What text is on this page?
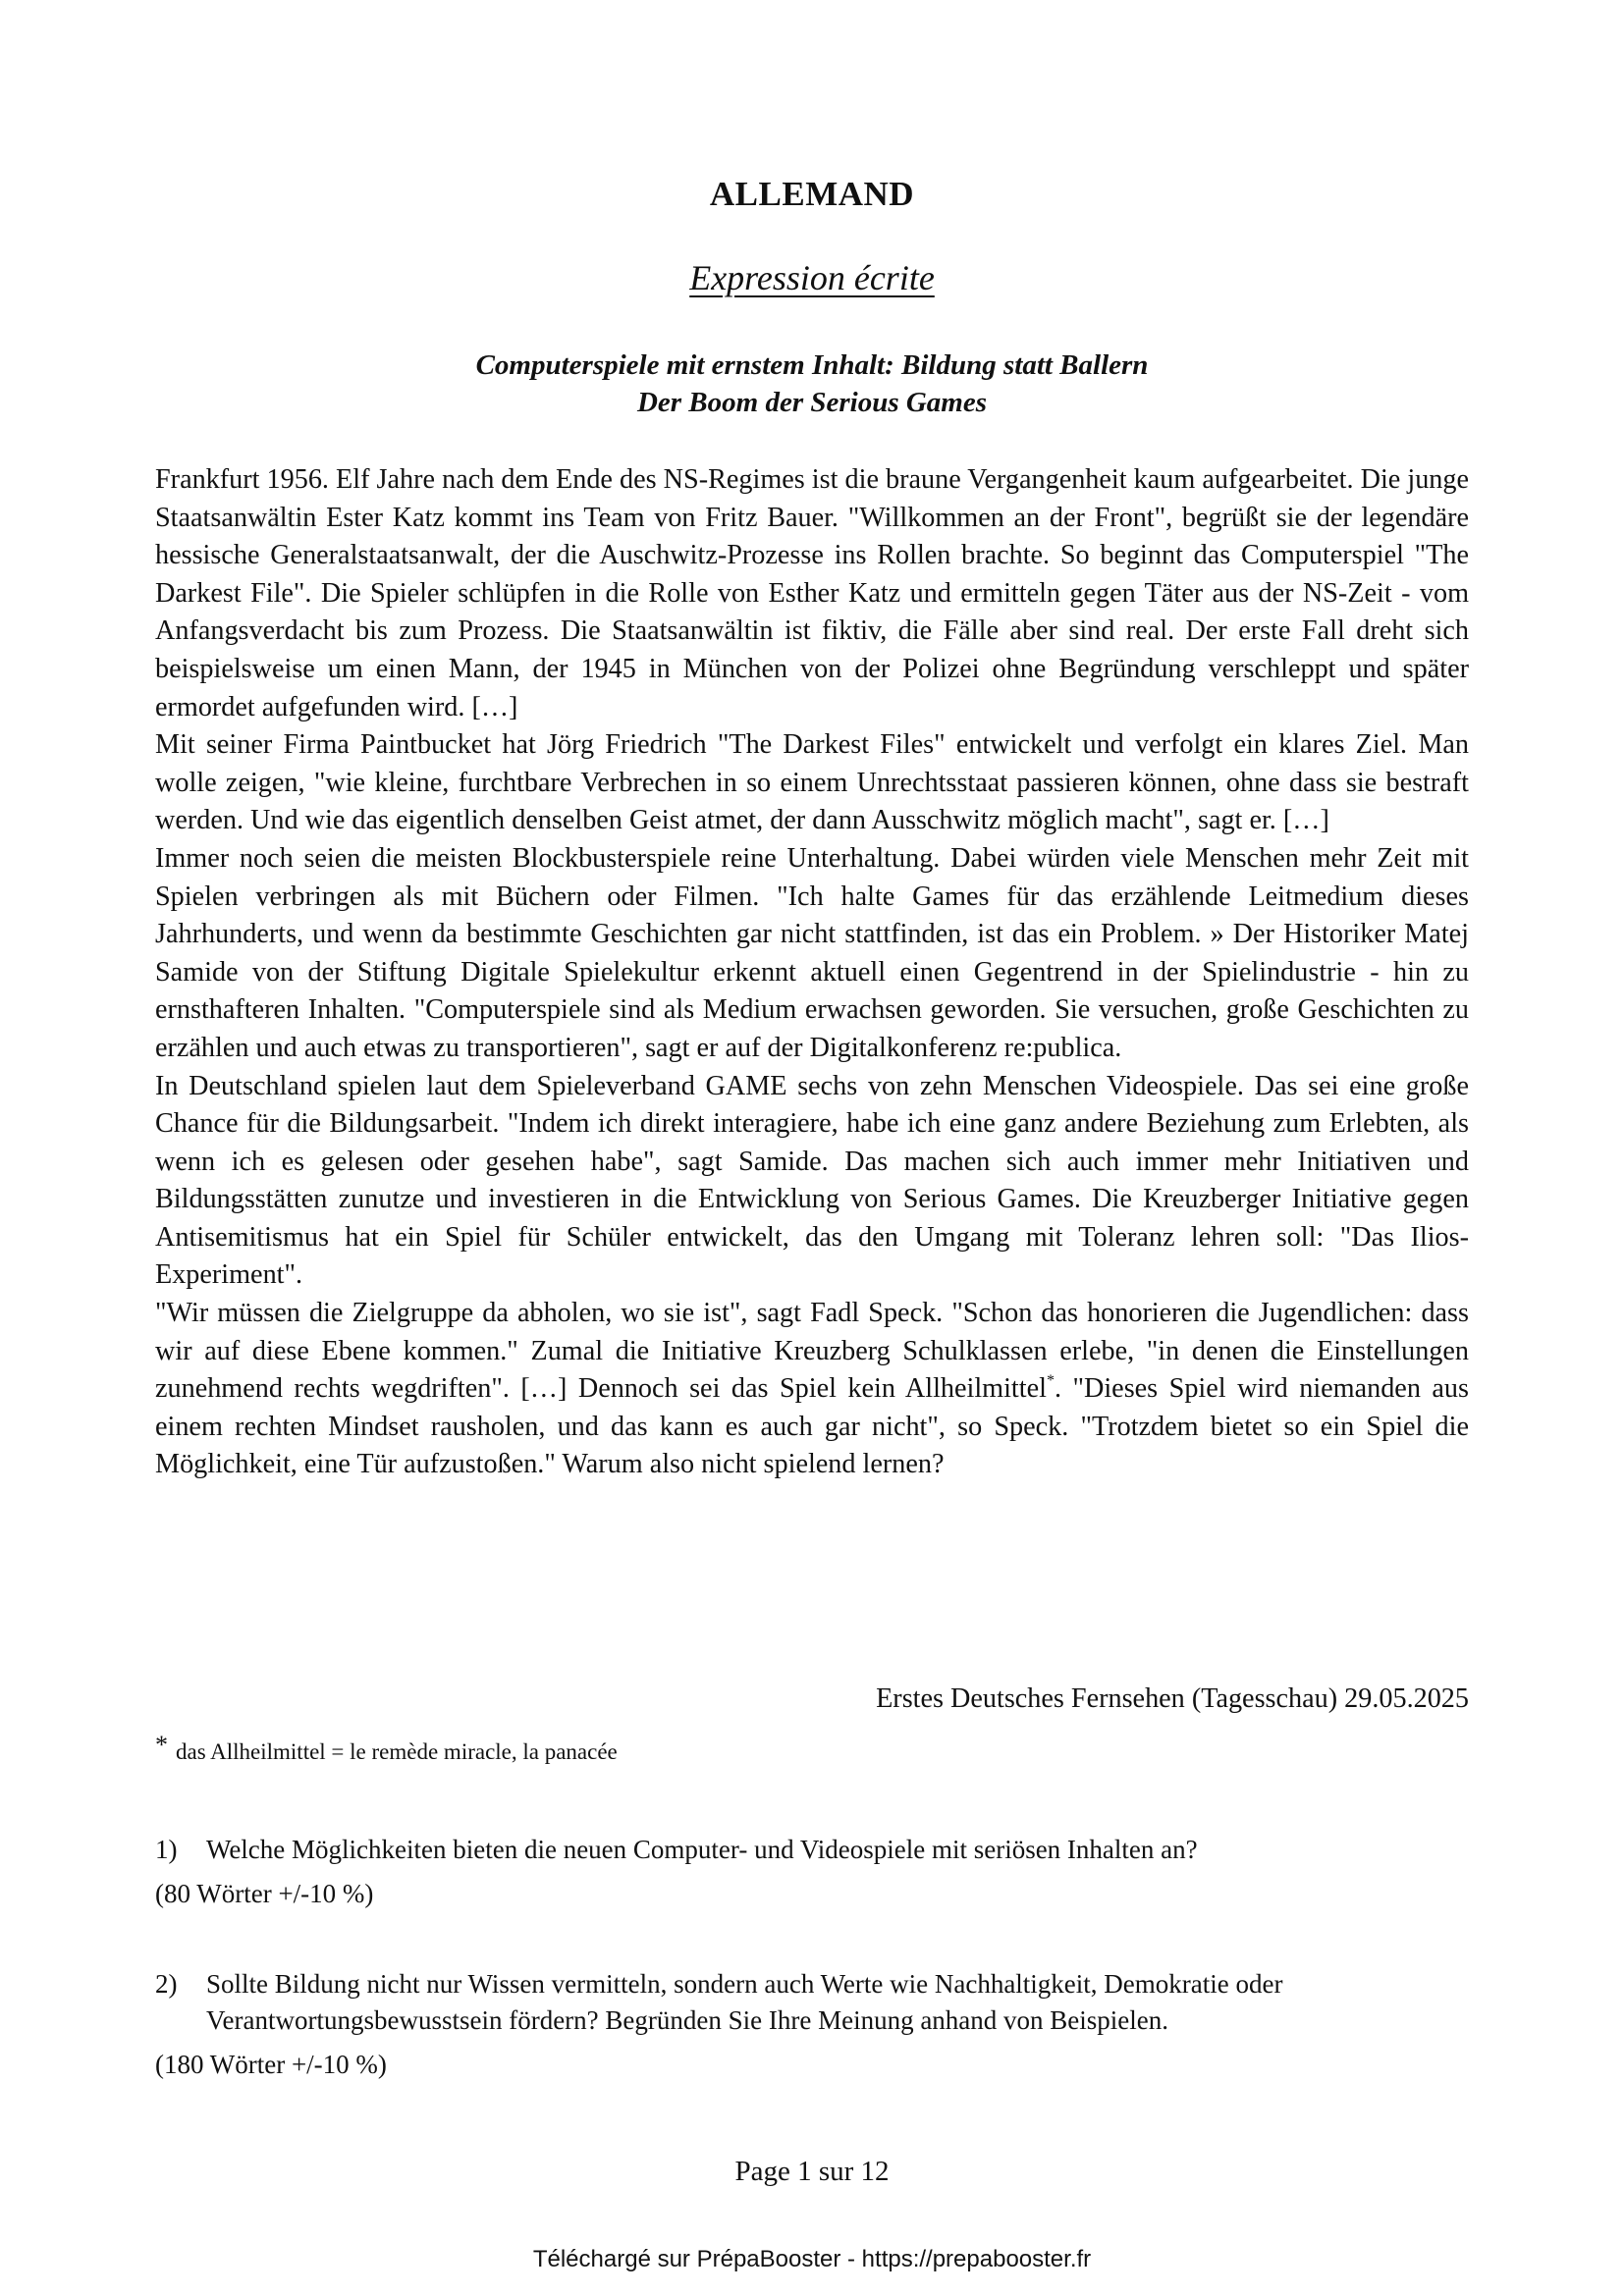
ALLEMAND
Expression écrite
Computerspiele mit ernstem Inhalt: Bildung statt Ballern
Der Boom der Serious Games

Frankfurt 1956. Elf Jahre nach dem Ende des NS-Regimes ist die braune Vergangenheit kaum aufgearbeitet. Die junge Staatsanwältin Ester Katz kommt ins Team von Fritz Bauer. "Willkommen an der Front", begrüßt sie der legendäre hessische Generalstaatsanwalt, der die Auschwitz-Prozesse ins Rollen brachte. So beginnt das Computerspiel "The Darkest File". Die Spieler schlüpfen in die Rolle von Esther Katz und ermitteln gegen Täter aus der NS-Zeit - vom Anfangsverdacht bis zum Prozess. Die Staatsanwältin ist fiktiv, die Fälle aber sind real. Der erste Fall dreht sich beispielsweise um einen Mann, der 1945 in München von der Polizei ohne Begründung verschleppt und später ermordet aufgefunden wird. […]

Mit seiner Firma Paintbucket hat Jörg Friedrich "The Darkest Files" entwickelt und verfolgt ein klares Ziel. Man wolle zeigen, "wie kleine, furchtbare Verbrechen in so einem Unrechtsstaat passieren können, ohne dass sie bestraft werden. Und wie das eigentlich denselben Geist atmet, der dann Ausschwitz möglich macht", sagt er. […]

Immer noch seien die meisten Blockbusterspiele reine Unterhaltung. Dabei würden viele Menschen mehr Zeit mit Spielen verbringen als mit Büchern oder Filmen. "Ich halte Games für das erzählende Leitmedium dieses Jahrhunderts, und wenn da bestimmte Geschichten gar nicht stattfinden, ist das ein Problem. » Der Historiker Matej Samide von der Stiftung Digitale Spielekultur erkennt aktuell einen Gegentrend in der Spielindustrie - hin zu ernsthafteren Inhalten. "Computerspiele sind als Medium erwachsen geworden. Sie versuchen, große Geschichten zu erzählen und auch etwas zu transportieren", sagt er auf der Digitalkonferenz re:publica.

In Deutschland spielen laut dem Spieleverband GAME sechs von zehn Menschen Videospiele. Das sei eine große Chance für die Bildungsarbeit. "Indem ich direkt interagiere, habe ich eine ganz andere Beziehung zum Erlebten, als wenn ich es gelesen oder gesehen habe", sagt Samide. Das machen sich auch immer mehr Initiativen und Bildungsstätten zunutze und investieren in die Entwicklung von Serious Games. Die Kreuzberger Initiative gegen Antisemitismus hat ein Spiel für Schüler entwickelt, das den Umgang mit Toleranz lehren soll: "Das Ilios-Experiment".

"Wir müssen die Zielgruppe da abholen, wo sie ist", sagt Fadl Speck. "Schon das honorieren die Jugendlichen: dass wir auf diese Ebene kommen." Zumal die Initiative Kreuzberg Schulklassen erlebe, "in denen die Einstellungen zunehmend rechts wegdriften". […] Dennoch sei das Spiel kein Allheilmittel*. "Dieses Spiel wird niemanden aus einem rechten Mindset rausholen, und das kann es auch gar nicht", so Speck. "Trotzdem bietet so ein Spiel die Möglichkeit, eine Tür aufzustoßen." Warum also nicht spielend lernen?

Erstes Deutsches Fernsehen (Tagesschau) 29.05.2025
* das Allheilmittel = le remède miracle, la panacée
1) Welche Möglichkeiten bieten die neuen Computer- und Videospiele mit seriösen Inhalten an?
(80 Wörter +/-10 %)
2) Sollte Bildung nicht nur Wissen vermitteln, sondern auch Werte wie Nachhaltigkeit, Demokratie oder Verantwortungsbewusstsein fördern? Begründen Sie Ihre Meinung anhand von Beispielen.
(180 Wörter +/-10 %)
Page 1 sur 12
Téléchargé sur PrépaBooster - https://prepabooster.fr
